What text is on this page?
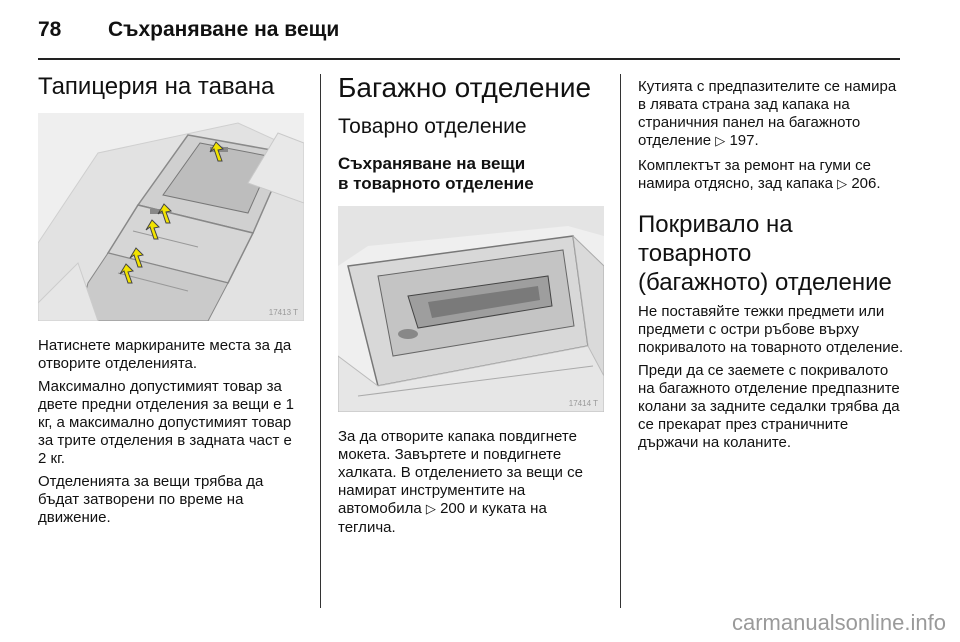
78 Съхраняване на вещи
Тапицерия на тавана
17413 T

Натиснете маркираните места за да отворите отделенията.

Максимално допустимият товар за двете предни отделения за вещи е 1 кг, а максимално допустимият товар за трите отделения в задната част е 2 кг.

Отделенията за вещи трябва да бъдат затворени по време на движение.

Багажно отделение
Товарно отделение
Съхраняване на вещи
в товарното отделение
17414 T

За да отворите капака повдигнете мокета. Завъртете и повдигнете халката. В отделението за вещи се намират инструментите на автомобила ▷ 200 и куката на теглича.

Кутията с предпазителите се намира в лявата страна зад капака на страничния панел на багажното отделение ▷ 197.

Комплектът за ремонт на гуми се намира отдясно, зад капака ▷ 206.

Покривало на товарното
(багажното) отделение

Не поставяйте тежки предмети или предмети с остри ръбове върху покривалото на товарното отделение.

Преди да се заемете с покривалото на багажното отделение предпазните колани за задните седалки трябва да се прекарат през страничните държачи на коланите.

carmanualsonline.info
